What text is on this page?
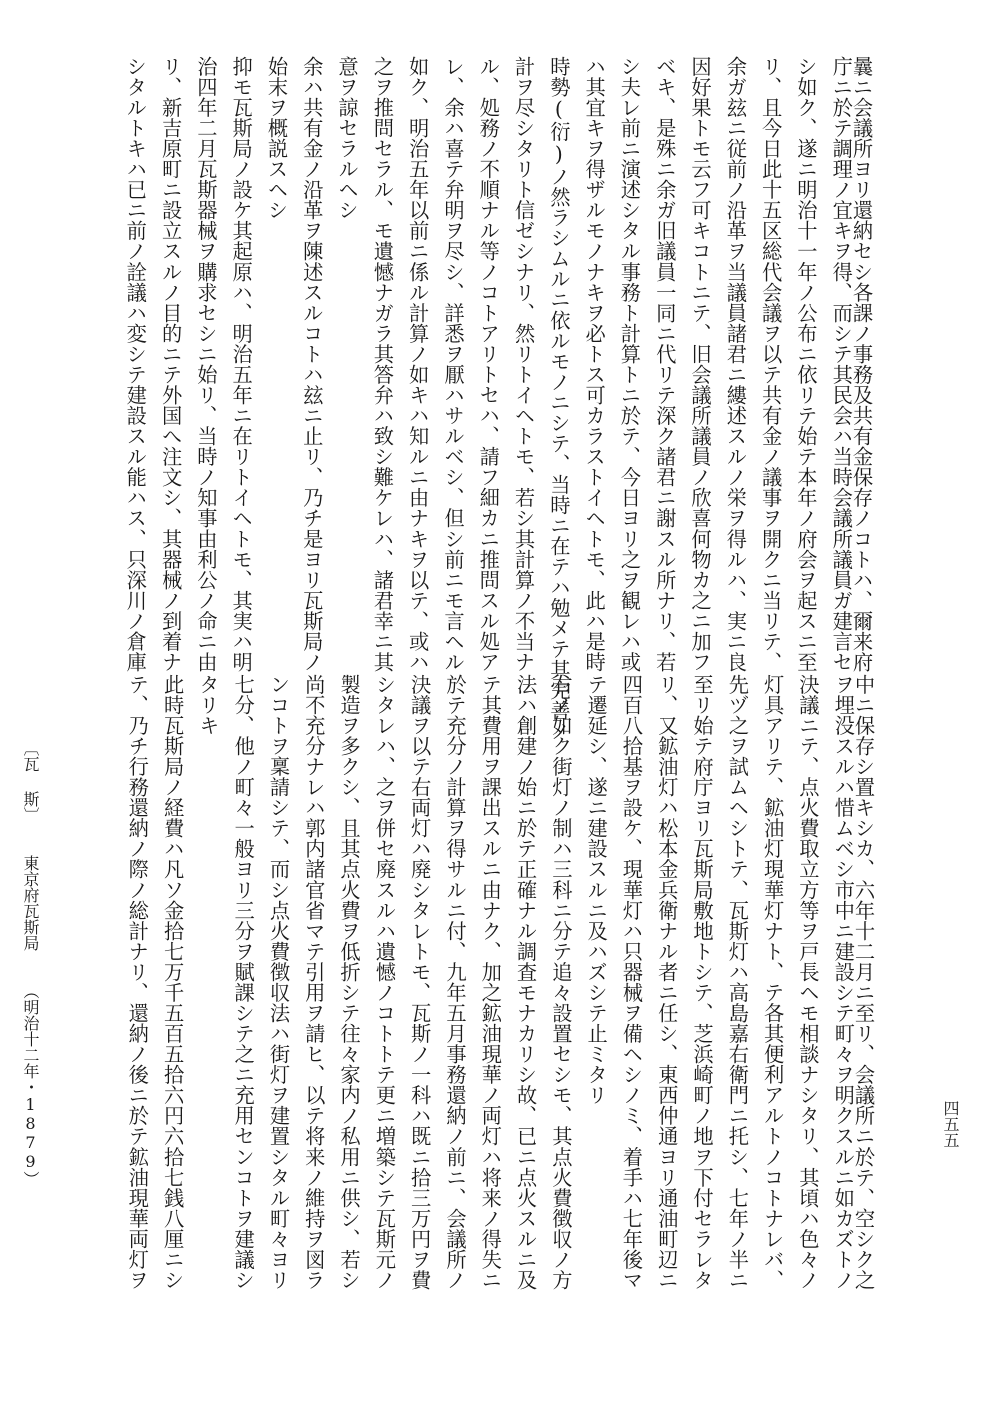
曩ニ会議所ヨリ還納セシ各課ノ事務及共有金保存ノコトハ、爾来府
庁ニ於テ調理ノ宜キヲ得、而シテ其民会ハ当時会議所議員ガ建言セ
シ如ク、遂ニ明治十一年ノ公布ニ依リテ始テ本年ノ府会ヲ起スニ至
リ、且今日此十五区総代会議ヲ以テ共有金ノ議事ヲ開クニ当リテ、
余ガ玆ニ従前ノ沿革ヲ当議員諸君ニ縷述スルノ栄ヲ得ルハ、実ニ良
因好果トモ云フ可キコトニテ、旧会議所議員ノ欣喜何物カ之ニ加フ
ベキ、是殊ニ余ガ旧議員一同ニ代リテ深ク諸君ニ謝スル所ナリ、若
シ夫レ前ニ演述シタル事務ト計算トニ於テ、今日ヨリ之ヲ観レハ或
ハ其宜キヲ得ザルモノナキヲ必トス可カラストイヘトモ、此ハ是時
時勢(衍)ノ然ラシムルニ依ルモノニシテ、当時ニ在テハ勉メテ其完善ノ
計ヲ尽シタリト信ゼシナリ、然リトイヘトモ、若シ其計算ノ不当ナ
ル、処務ノ不順ナル等ノコトアリトセハ、請フ細カニ推問スル処ア
レ、余ハ喜テ弁明ヲ尽シ、詳悉ヲ厭ハサルベシ、但シ前ニモ言ヘル
如ク、明治五年以前ニ係ル計算ノ如キハ知ルニ由ナキヲ以テ、或ハ
之ヲ推問セラル、モ遺憾ナガラ其答弁ハ致シ難ケレハ、諸君幸ニ其
意ヲ諒セラルヘシ
余ハ共有金ノ沿革ヲ陳述スルコトハ玆ニ止リ、乃チ是ヨリ瓦斯局ノ
始末ヲ概説スヘシ
抑モ瓦斯局ノ設ケ其起原ハ、明治五年ニ在リトイヘトモ、其実ハ明
治四年二月瓦斯器械ヲ購求セシニ始リ、当時ノ知事由利公ノ命ニ由
リ、新吉原町ニ設立スルノ目的ニテ外国へ注文シ、其器械ノ到着ナ
シタルトキハ已ニ前ノ詮議ハ変シテ建設スル能ハス、只深川ノ倉庫
中ニ保存シ置キシカ、六年十二月ニ至リ、会議所ニ於テ、空シク之
ヲ埋没スルハ惜ムベシ市中ニ建設シテ町々ヲ明クスルニ如カズトノ
決議ニテ、点火費取立方等ヲ戸長ヘモ相談ナシタリ、其頃ハ色々ノ
灯具アリテ、鉱油灯現華灯ナト、テ各其便利アルトノコトナレバ、
先ヅ之ヲ試ムヘシトテ、瓦斯灯ハ高島嘉右衛門ニ托シ、七年ノ半ニ
至リ始テ府庁ヨリ瓦斯局敷地トシテ、芝浜崎町ノ地ヲ下付セラレタ
リ、又鉱油灯ハ松本金兵衛ナル者ニ任シ、東西仲通ヨリ通油町辺ニ
四百八拾基ヲ設ケ、現華灯ハ只器械ヲ備ヘシノミ、着手ハ七年後マ
テ遷延シ、遂ニ建設スルニ及ハズシテ止ミタリ
右ノ如ク街灯ノ制ハ三科ニ分テ追々設置セシモ、其点火費徴収ノ方
法ハ創建ノ始ニ於テ正確ナル調査モナカリシ故、已ニ点火スルニ及
テ其費用ヲ課出スルニ由ナク、加之鉱油現華ノ両灯ハ将来ノ得失ニ
於テ充分ノ計算ヲ得サルニ付、九年五月事務還納ノ前ニ、会議所ノ
決議ヲ以テ右両灯ハ廃シタレトモ、瓦斯ノ一科ハ既ニ拾三万円ヲ費
シタレハ、之ヲ併セ廃スルハ遺憾ノコトトテ更ニ増築シテ瓦斯元ノ
製造ヲ多クシ、且其点火費ヲ低折シテ往々家内ノ私用ニ供シ、若シ
尚不充分ナレハ郭内諸官省マテ引用ヲ請ヒ、以テ将来ノ維持ヲ図ラ
ンコトヲ稟請シテ、而シ点火費徴収法ハ街灯ヲ建置シタル町々ヨリ
七分、他ノ町々一般ヨリ三分ヲ賦課シテ之ニ充用センコトヲ建議シ
タリキ
此時瓦斯局ノ経費ハ凡ソ金拾七万千五百五拾六円六拾七銭八厘ニシ
テ、乃チ行務還納ノ際ノ総計ナリ、還納ノ後ニ於テ鉱油現華両灯ヲ
〔瓦 斯〕東京府瓦斯局（明治十二年・1879）	四五五
